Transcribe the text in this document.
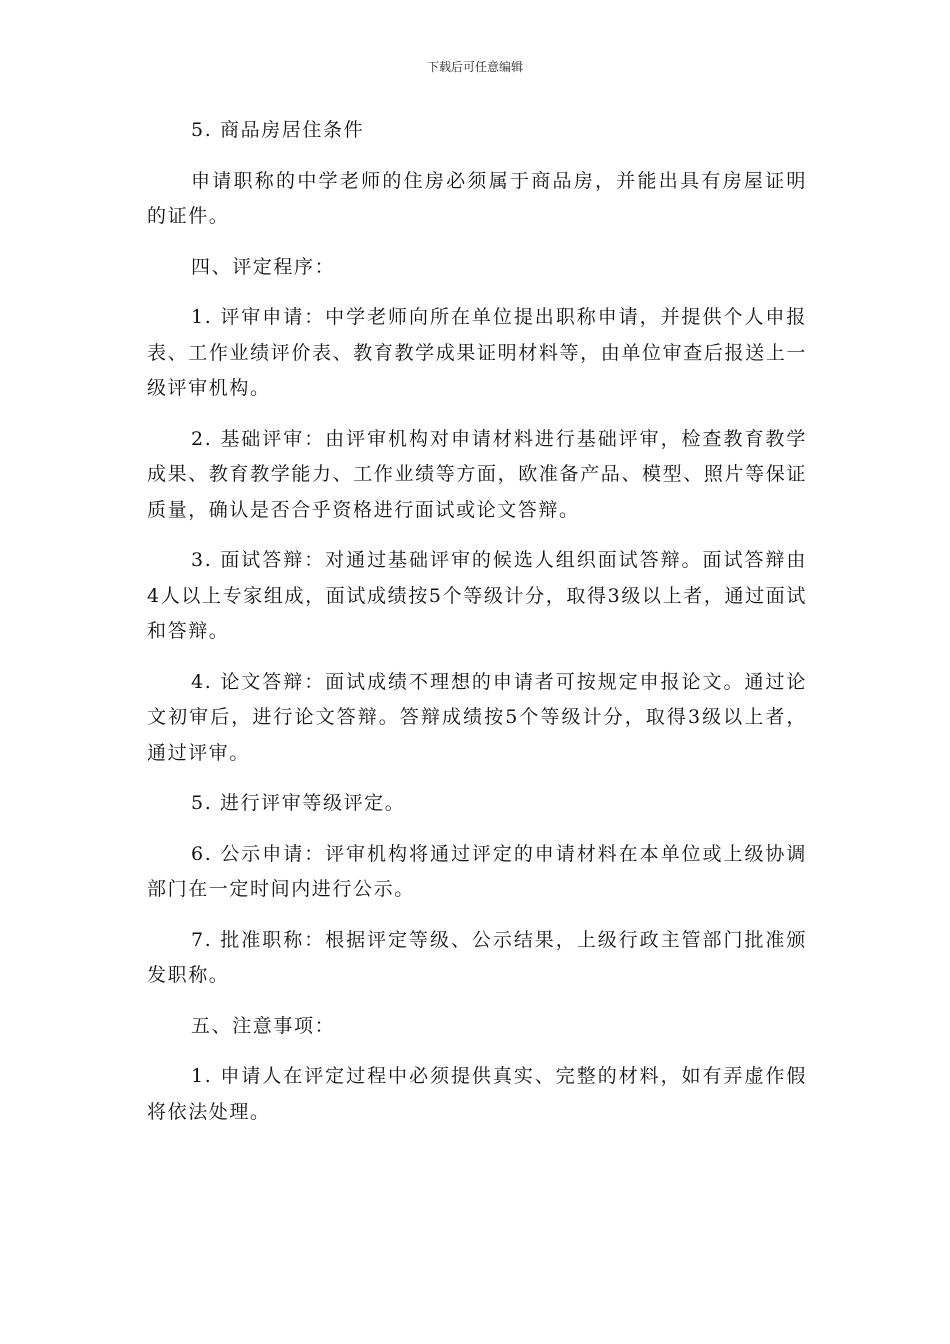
下载后可任意编辑

5. 商品房居住条件

申请职称的中学老师的住房必须属于商品房，并能出具有房屋证明的证件。

四、评定程序：

1. 评审申请：中学老师向所在单位提出职称申请，并提供个人申报表、工作业绩评价表、教育教学成果证明材料等，由单位审查后报送上一级评审机构。

2. 基础评审：由评审机构对申请材料进行基础评审，检查教育教学成果、教育教学能力、工作业绩等方面，欧准备产品、模型、照片等保证质量，确认是否合乎资格进行面试或论文答辩。

3. 面试答辩：对通过基础评审的候选人组织面试答辩。面试答辩由4人以上专家组成，面试成绩按5个等级计分，取得3级以上者，通过面试和答辩。

4. 论文答辩：面试成绩不理想的申请者可按规定申报论文。通过论文初审后，进行论文答辩。答辩成绩按5个等级计分，取得3级以上者，通过评审。

5. 进行评审等级评定。

6. 公示申请：评审机构将通过评定的申请材料在本单位或上级协调部门在一定时间内进行公示。

7. 批准职称：根据评定等级、公示结果，上级行政主管部门批准颁发职称。

五、注意事项：

1. 申请人在评定过程中必须提供真实、完整的材料，如有弄虚作假将依法处理。
